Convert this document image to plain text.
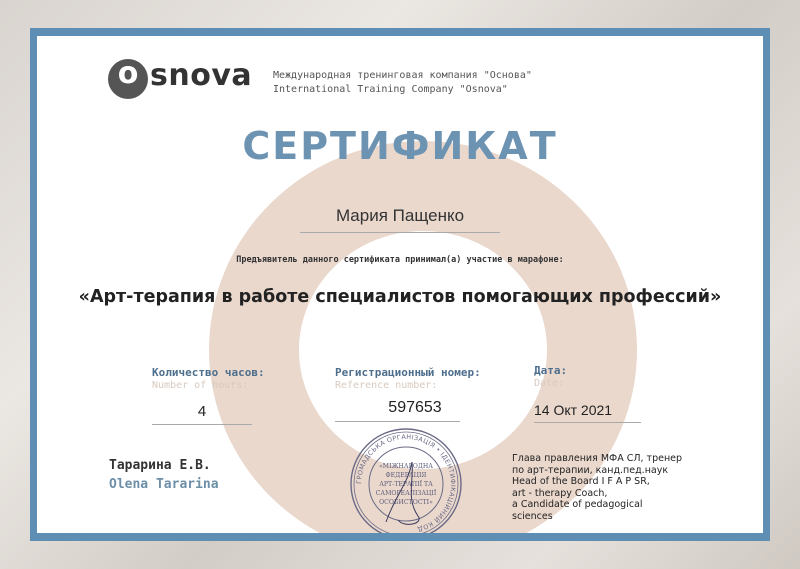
o snova Международная тренинговая компания "Основа"
International Training Company "Osnova"
СЕРТИФИКАТ
Мария Пащенко
Предъявитель данного сертификата принимал(а) участие в марафоне:
«Арт-терапия в работе специалистов помогающих профессий»
Количество часов:
Number of hours:
4
Регистрационный номер:
Reference number:
597653
Дата:
Date:
14 Окт 2021
Тарарина Е.В.
Olena Tararina	ГРОМАДСЬКА ОРГАНІЗАЦІЯ • ІДЕНТИФІКАЦІЙНИЙ КОД
«МІЖНАРОДНА
ФЕДЕРАЦІЯ
АРТ-ТЕРАПІЇ ТА
САМОРЕАЛІЗАЦІЇ
ОСОБИСТОСТІ»
Глава правления МФА СЛ, тренер
по арт-терапии, канд.пед.наук
Head of the Board I F A P SR,
art - therapy Coach,
a Candidate of pedagogical
sciences
